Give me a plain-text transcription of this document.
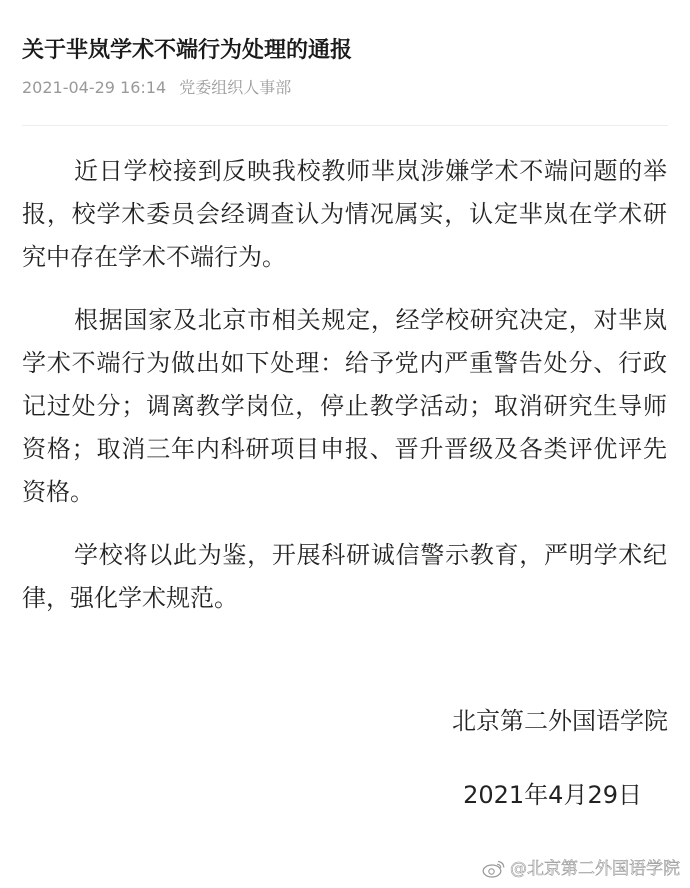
关于芈岚学术不端行为处理的通报
2021-04-29 16:14 党委组织人事部

近日学校接到反映我校教师芈岚涉嫌学术不端问题的举报，校学术委员会经调查认为情况属实，认定芈岚在学术研究中存在学术不端行为。

根据国家及北京市相关规定，经学校研究决定，对芈岚学术不端行为做出如下处理：给予党内严重警告处分、行政记过处分；调离教学岗位，停止教学活动；取消研究生导师资格；取消三年内科研项目申报、晋升晋级及各类评优评先资格。

学校将以此为鉴，开展科研诚信警示教育，严明学术纪律，强化学术规范。

北京第二外国语学院
2021年4月29日
@北京第二外国语学院
